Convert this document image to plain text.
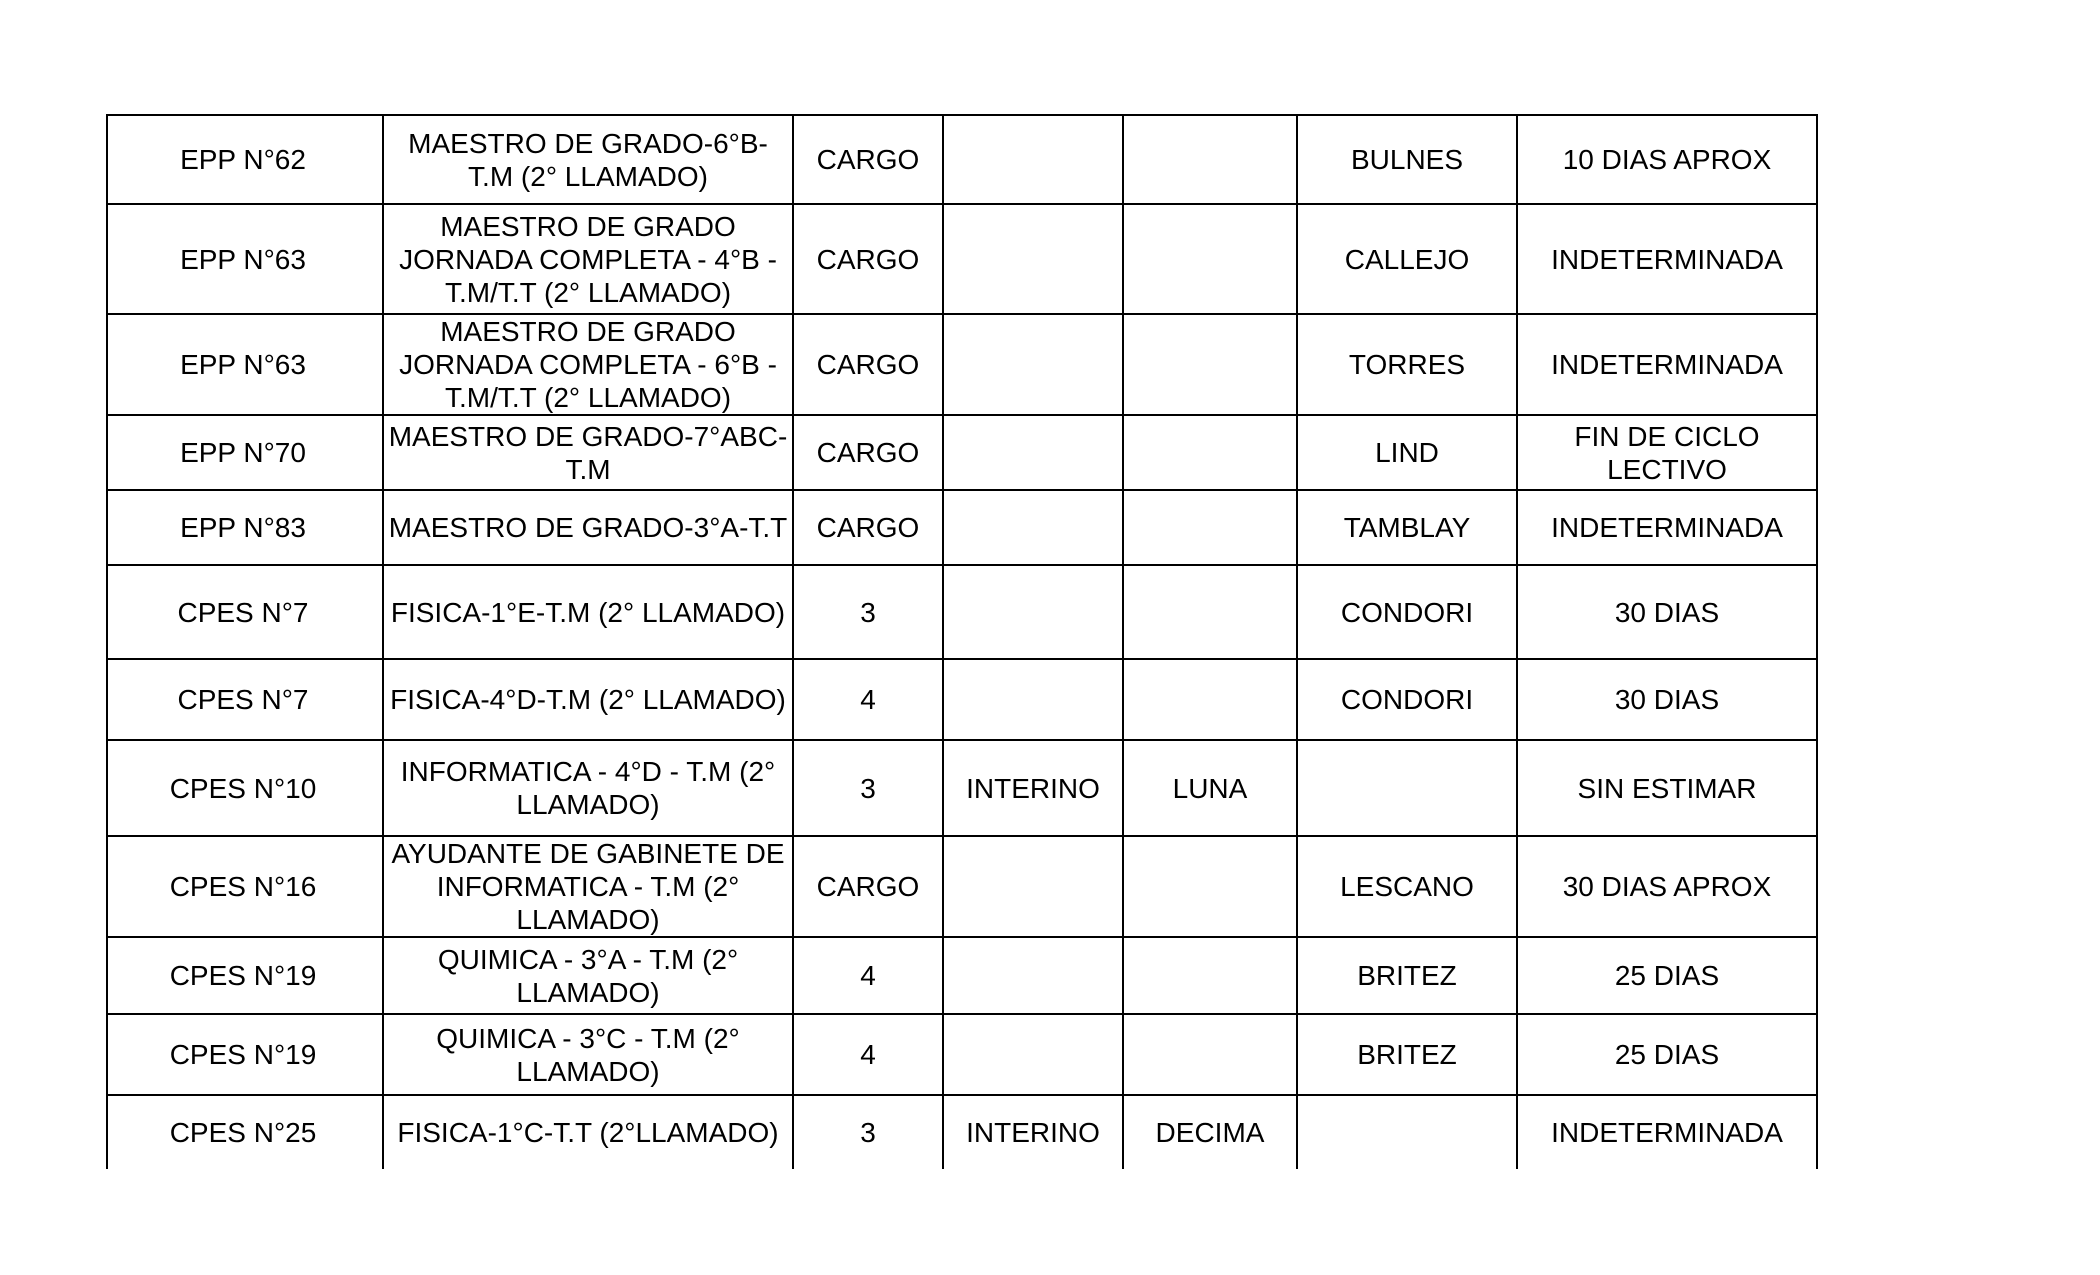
EPP N°62	MAESTRO DE GRADO-6°B-T.M (2° LLAMADO)	CARGO			BULNES	10 DIAS APROX
EPP N°63	MAESTRO DE GRADO JORNADA COMPLETA - 4°B - T.M/T.T (2° LLAMADO)	CARGO			CALLEJO	INDETERMINADA
EPP N°63	MAESTRO DE GRADO JORNADA COMPLETA - 6°B - T.M/T.T (2° LLAMADO)	CARGO			TORRES	INDETERMINADA
EPP N°70	MAESTRO DE GRADO-7°ABC-T.M	CARGO			LIND	FIN DE CICLO LECTIVO
EPP N°83	MAESTRO DE GRADO-3°A-T.T	CARGO			TAMBLAY	INDETERMINADA
CPES N°7	FISICA-1°E-T.M (2° LLAMADO)	3			CONDORI	30 DIAS
CPES N°7	FISICA-4°D-T.M (2° LLAMADO)	4			CONDORI	30 DIAS
CPES N°10	INFORMATICA - 4°D - T.M (2° LLAMADO)	3	INTERINO	LUNA		SIN ESTIMAR
CPES N°16	AYUDANTE DE GABINETE DE INFORMATICA - T.M (2° LLAMADO)	CARGO			LESCANO	30 DIAS APROX
CPES N°19	QUIMICA - 3°A - T.M (2° LLAMADO)	4			BRITEZ	25 DIAS
CPES N°19	QUIMICA - 3°C - T.M (2° LLAMADO)	4			BRITEZ	25 DIAS
CPES N°25	FISICA-1°C-T.T (2°LLAMADO)	3	INTERINO	DECIMA		INDETERMINADA
